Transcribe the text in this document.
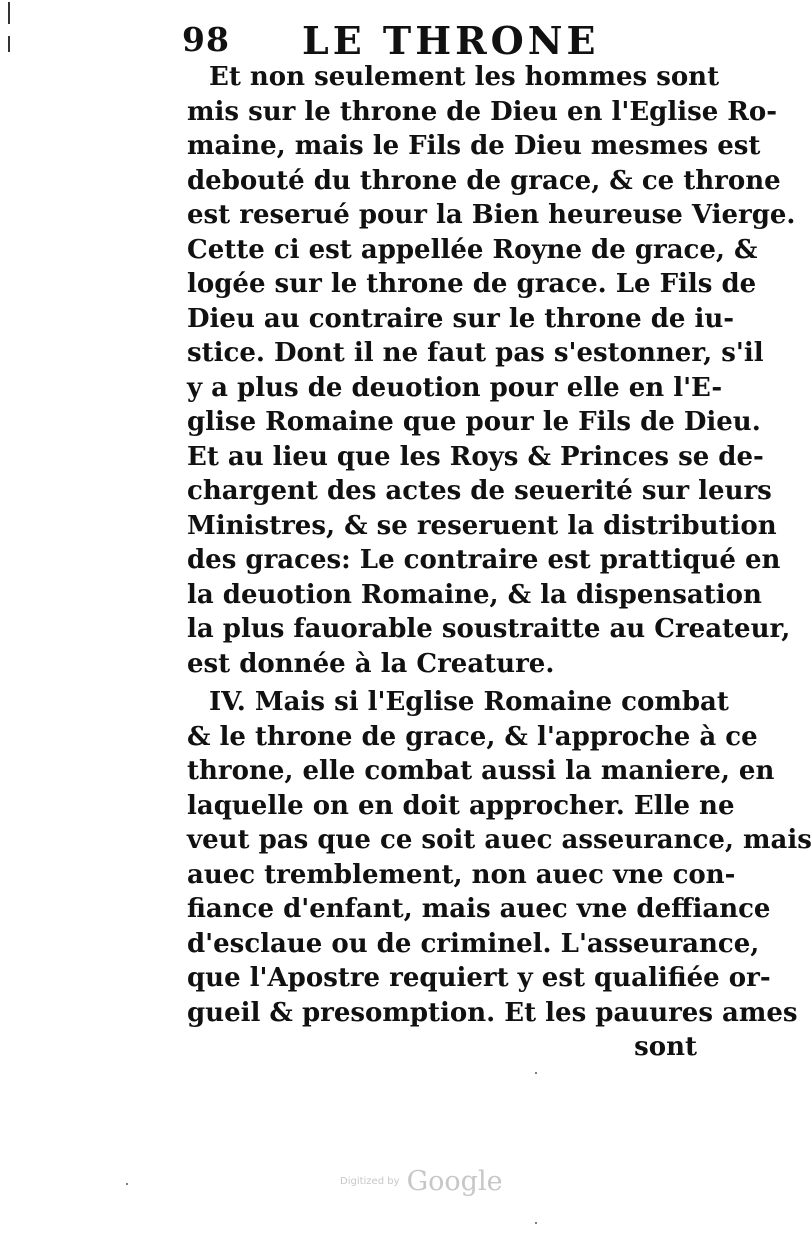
98 LE THRONE
Et non seulement les hommes sont
mis sur le throne de Dieu en l'Eglise Ro-
maine, mais le Fils de Dieu mesmes est
debouté du throne de grace, & ce throne
est reserué pour la Bien heureuse Vierge.
Cette ci est appellée Royne de grace, &
logée sur le throne de grace. Le Fils de
Dieu au contraire sur le throne de iu-
stice. Dont il ne faut pas s'estonner, s'il
y a plus de deuotion pour elle en l'E-
glise Romaine que pour le Fils de Dieu.
Et au lieu que les Roys & Princes se de-
chargent des actes de seuerité sur leurs
Ministres, & se reseruent la distribution
des graces: Le contraire est prattiqué en
la deuotion Romaine, & la dispensation
la plus fauorable soustraitte au Createur,
est donnée à la Creature.
IV. Mais si l'Eglise Romaine combat
& le throne de grace, & l'approche à ce
throne, elle combat aussi la maniere, en
laquelle on en doit approcher. Elle ne
veut pas que ce soit auec asseurance, mais
auec tremblement, non auec vne con-
fiance d'enfant, mais auec vne deffiance
d'esclaue ou de criminel. L'asseurance,
que l'Apostre requiert y est qualifiée or-
gueil & presomption. Et les pauures ames
sont
Digitized by Google
